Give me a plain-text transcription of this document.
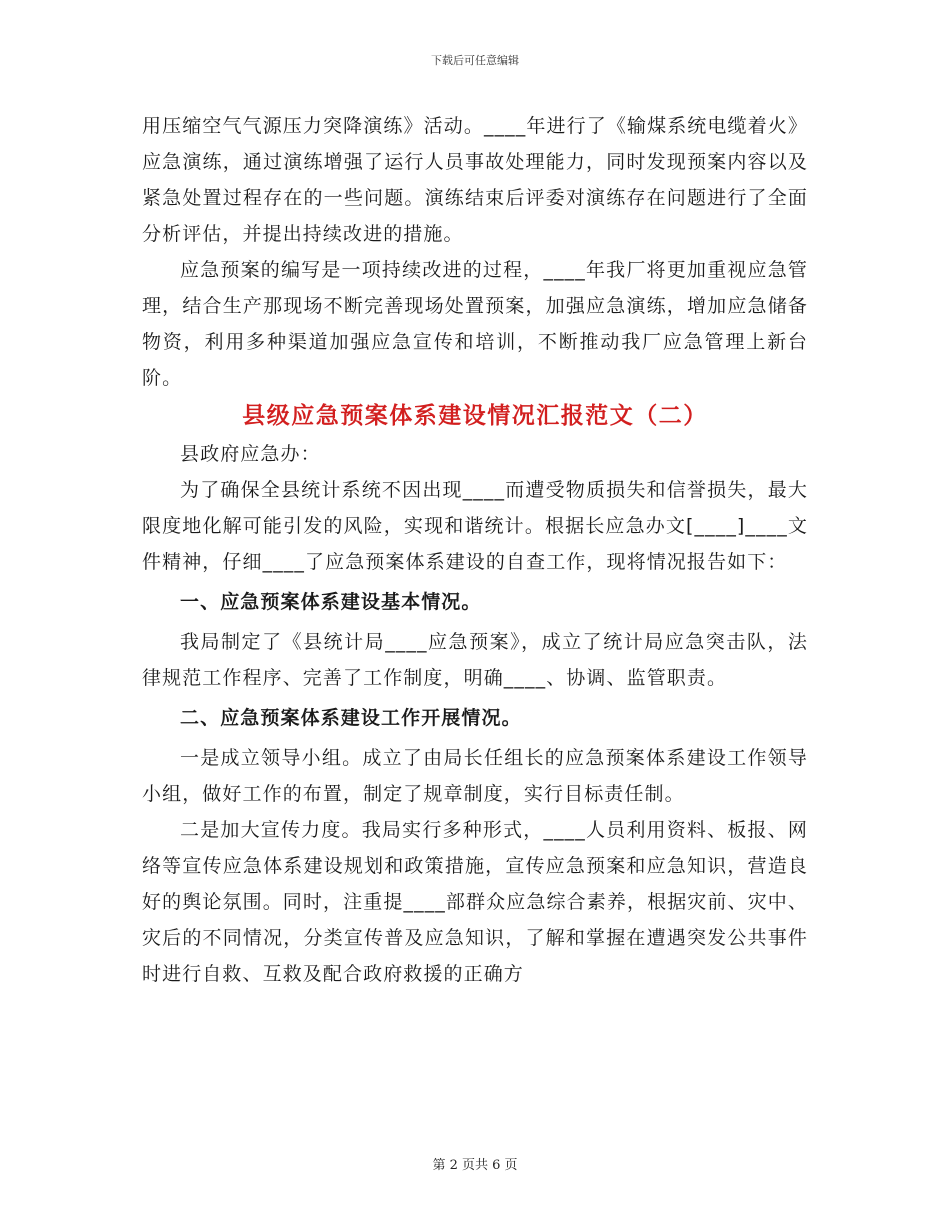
下载后可任意编辑

用压缩空气气源压力突降演练》活动。____年进行了《输煤系统电缆着火》应急演练，通过演练增强了运行人员事故处理能力，同时发现预案内容以及紧急处置过程存在的一些问题。演练结束后评委对演练存在问题进行了全面分析评估，并提出持续改进的措施。

应急预案的编写是一项持续改进的过程，____年我厂将更加重视应急管理，结合生产那现场不断完善现场处置预案，加强应急演练，增加应急储备物资，利用多种渠道加强应急宣传和培训，不断推动我厂应急管理上新台阶。

县级应急预案体系建设情况汇报范文（二）

县政府应急办：

为了确保全县统计系统不因出现____而遭受物质损失和信誉损失，最大限度地化解可能引发的风险，实现和谐统计。根据长应急办文[____]____文件精神，仔细____了应急预案体系建设的自查工作，现将情况报告如下：

一、应急预案体系建设基本情况。

我局制定了《县统计局____应急预案》，成立了统计局应急突击队，法律规范工作程序、完善了工作制度，明确____、协调、监管职责。

二、应急预案体系建设工作开展情况。

一是成立领导小组。成立了由局长任组长的应急预案体系建设工作领导小组，做好工作的布置，制定了规章制度，实行目标责任制。

二是加大宣传力度。我局实行多种形式，____人员利用资料、板报、网络等宣传应急体系建设规划和政策措施，宣传应急预案和应急知识，营造良好的舆论氛围。同时，注重提____部群众应急综合素养，根据灾前、灾中、灾后的不同情况，分类宣传普及应急知识，了解和掌握在遭遇突发公共事件时进行自救、互救及配合政府救援的正确方

第 2 页共 6 页
